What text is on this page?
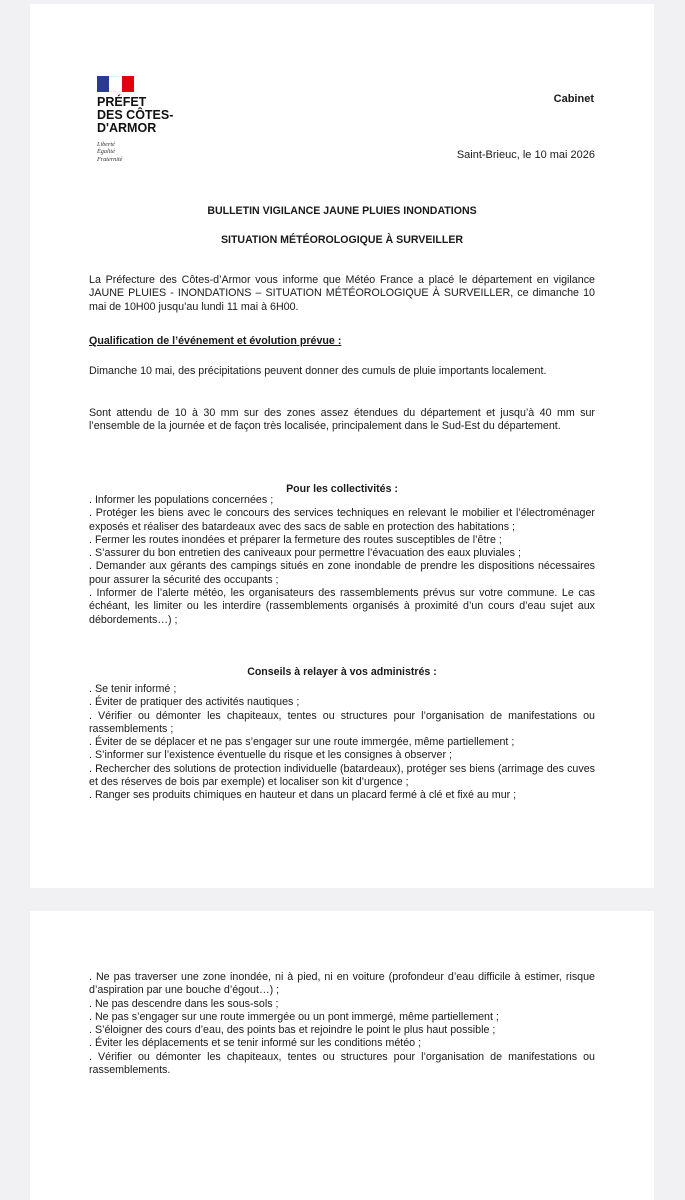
PRÉFET
DES CÔTES-
D'ARMOR
Liberté
Égalité
Fraternité
Cabinet
Saint-Brieuc, le 10 mai 2026
BULLETIN VIGILANCE JAUNE PLUIES INONDATIONS
SITUATION MÉTÉOROLOGIQUE À SURVEILLER
La Préfecture des Côtes-d’Armor vous informe que Météo France a placé le département en vigilance JAUNE PLUIES - INONDATIONS – SITUATION MÉTÉOROLOGIQUE À SURVEILLER, ce dimanche 10 mai de 10H00 jusqu’au lundi 11 mai à 6H00.
Qualification de l’événement et évolution prévue :
Dimanche 10 mai, des précipitations peuvent donner des cumuls de pluie importants localement.
Sont attendu de 10 à 30 mm sur des zones assez étendues du département et jusqu’à 40 mm sur l’ensemble de la journée et de façon très localisée, principalement dans le Sud-Est du département.
Pour les collectivités :
. Informer les populations concernées ;
. Protéger les biens avec le concours des services techniques en relevant le mobilier et l’électroménager exposés et réaliser des batardeaux avec des sacs de sable en protection des habitations ;
. Fermer les routes inondées et préparer la fermeture des routes susceptibles de l’être ;
. S’assurer du bon entretien des caniveaux pour permettre l’évacuation des eaux pluviales ;
. Demander aux gérants des campings situés en zone inondable de prendre les dispositions nécessaires pour assurer la sécurité des occupants ;
. Informer de l’alerte météo, les organisateurs des rassemblements prévus sur votre commune. Le cas échéant, les limiter ou les interdire (rassemblements organisés à proximité d’un cours d’eau sujet aux débordements…) ;
Conseils à relayer à vos administrés :
. Se tenir informé ;
. Éviter de pratiquer des activités nautiques ;
. Vérifier ou démonter les chapiteaux, tentes ou structures pour l’organisation de manifestations ou rassemblements ;
. Éviter de se déplacer et ne pas s’engager sur une route immergée, même partiellement ;
. S’informer sur l’existence éventuelle du risque et les consignes à observer ;
. Rechercher des solutions de protection individuelle (batardeaux), protéger ses biens (arrimage des cuves et des réserves de bois par exemple) et localiser son kit d’urgence ;
. Ranger ses produits chimiques en hauteur et dans un placard fermé à clé et fixé au mur ;
. Ne pas traverser une zone inondée, ni à pied, ni en voiture (profondeur d’eau difficile à estimer, risque d’aspiration par une bouche d’égout…) ;
. Ne pas descendre dans les sous-sols ;
. Ne pas s’engager sur une route immergée ou un pont immergé, même partiellement ;
. S’éloigner des cours d’eau, des points bas et rejoindre le point le plus haut possible ;
. Éviter les déplacements et se tenir informé sur les conditions météo ;
. Vérifier ou démonter les chapiteaux, tentes ou structures pour l’organisation de manifestations ou rassemblements.
